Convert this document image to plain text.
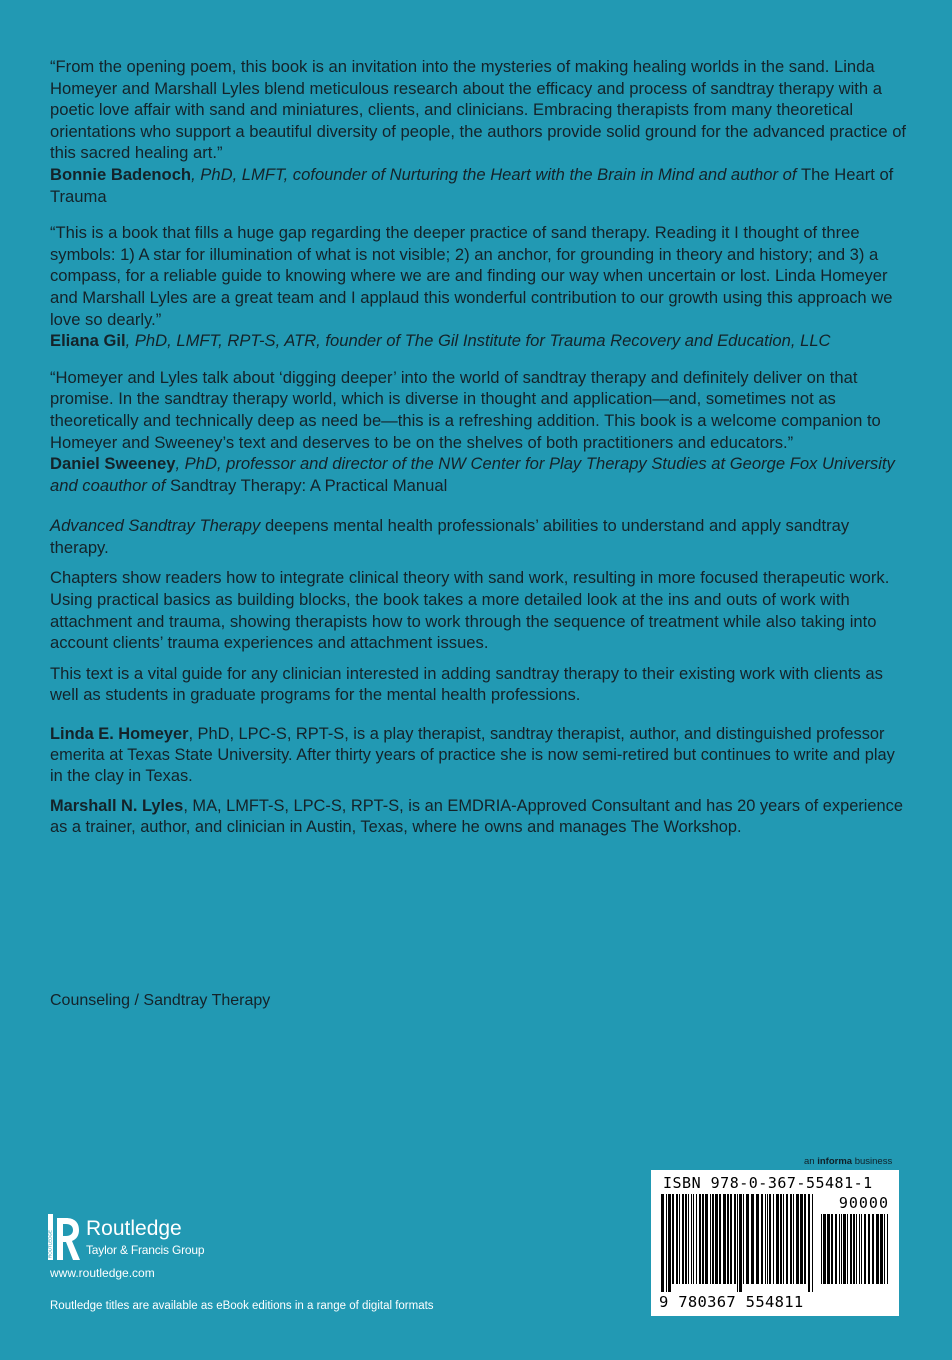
“From the opening poem, this book is an invitation into the mysteries of making healing worlds in the sand. Linda Homeyer and Marshall Lyles blend meticulous research about the efficacy and process of sandtray therapy with a poetic love affair with sand and miniatures, clients, and clinicians. Embracing therapists from many theoretical orientations who support a beautiful diversity of people, the authors provide solid ground for the advanced practice of this sacred healing art.”
Bonnie Badenoch, PhD, LMFT, cofounder of Nurturing the Heart with the Brain in Mind and author of The Heart of Trauma

“This is a book that fills a huge gap regarding the deeper practice of sand therapy. Reading it I thought of three symbols: 1) A star for illumination of what is not visible; 2) an anchor, for grounding in theory and history; and 3) a compass, for a reliable guide to knowing where we are and finding our way when uncertain or lost. Linda Homeyer and Marshall Lyles are a great team and I applaud this wonderful contribution to our growth using this approach we love so dearly.”
Eliana Gil, PhD, LMFT, RPT-S, ATR, founder of The Gil Institute for Trauma Recovery and Education, LLC

“Homeyer and Lyles talk about ‘digging deeper’ into the world of sandtray therapy and definitely deliver on that promise. In the sandtray therapy world, which is diverse in thought and application—and, sometimes not as theoretically and technically deep as need be—this is a refreshing addition. This book is a welcome companion to Homeyer and Sweeney’s text and deserves to be on the shelves of both practitioners and educators.”
Daniel Sweeney, PhD, professor and director of the NW Center for Play Therapy Studies at George Fox University and coauthor of Sandtray Therapy: A Practical Manual

Advanced Sandtray Therapy deepens mental health professionals’ abilities to understand and apply sandtray therapy.

Chapters show readers how to integrate clinical theory with sand work, resulting in more focused therapeutic work. Using practical basics as building blocks, the book takes a more detailed look at the ins and outs of work with attachment and trauma, showing therapists how to work through the sequence of treatment while also taking into account clients’ trauma experiences and attachment issues.

This text is a vital guide for any clinician interested in adding sandtray therapy to their existing work with clients as well as students in graduate programs for the mental health professions.

Linda E. Homeyer, PhD, LPC-S, RPT-S, is a play therapist, sandtray therapist, author, and distinguished professor emerita at Texas State University. After thirty years of practice she is now semi-retired but continues to write and play in the clay in Texas.

Marshall N. Lyles, MA, LMFT-S, LPC-S, RPT-S, is an EMDRIA-Approved Consultant and has 20 years of experience as a trainer, author, and clinician in Austin, Texas, where he owns and manages The Workshop.

Counseling / Sandtray Therapy
an informa business
ISBN 978-0-367-55481-1
90000
9 780367 554811
ROUTLEDGE
Routledge
Taylor & Francis Group
www.routledge.com
Routledge titles are available as eBook editions in a range of digital formats
